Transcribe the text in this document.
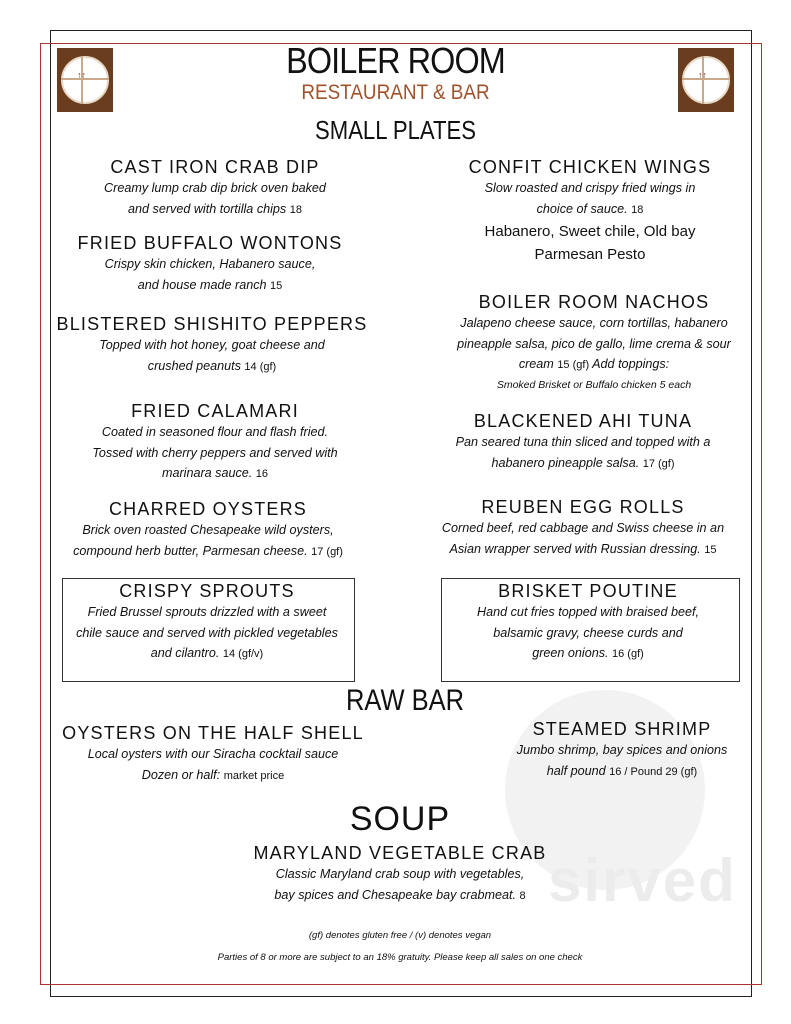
sirved
↑↑	↑↑
BOILER ROOM
RESTAURANT & BAR
SMALL PLATES
RAW BAR
SOUP
CAST IRON CRAB DIP
Creamy lump crab dip brick oven baked
and served with tortilla chips 18
FRIED BUFFALO WONTONS
Crispy skin chicken, Habanero sauce,
and house made ranch 15
BLISTERED SHISHITO PEPPERS
Topped with hot honey, goat cheese and
crushed peanuts 14 (gf)
FRIED CALAMARI
Coated in seasoned flour and flash fried.
Tossed with cherry peppers and served with
marinara sauce. 16
CHARRED OYSTERS
Brick oven roasted Chesapeake wild oysters,
compound herb butter, Parmesan cheese. 17 (gf)
CRISPY SPROUTS
Fried Brussel sprouts drizzled with a sweet
chile sauce and served with pickled vegetables
and cilantro. 14 (gf/v)
CONFIT CHICKEN WINGS
Slow roasted and crispy fried wings in
choice of sauce. 18
Habanero, Sweet chile, Old bay
Parmesan Pesto
BOILER ROOM NACHOS
Jalapeno cheese sauce, corn tortillas, habanero
pineapple salsa, pico de gallo, lime crema & sour
cream 15 (gf) Add toppings:
Smoked Brisket or Buffalo chicken 5 each
BLACKENED AHI TUNA
Pan seared tuna thin sliced and topped with a
habanero pineapple salsa. 17 (gf)
REUBEN EGG ROLLS
Corned beef, red cabbage and Swiss cheese in an
Asian wrapper served with Russian dressing. 15
BRISKET POUTINE
Hand cut fries topped with braised beef,
balsamic gravy, cheese curds and
green onions. 16 (gf)
OYSTERS ON THE HALF SHELL
Local oysters with our Siracha cocktail sauce
Dozen or half: market price
STEAMED SHRIMP
Jumbo shrimp, bay spices and onions
half pound 16 / Pound 29 (gf)
MARYLAND VEGETABLE CRAB
Classic Maryland crab soup with vegetables,
bay spices and Chesapeake bay crabmeat. 8
(gf) denotes gluten free / (v) denotes vegan
Parties of 8 or more are subject to an 18% gratuity. Please keep all sales on one check
